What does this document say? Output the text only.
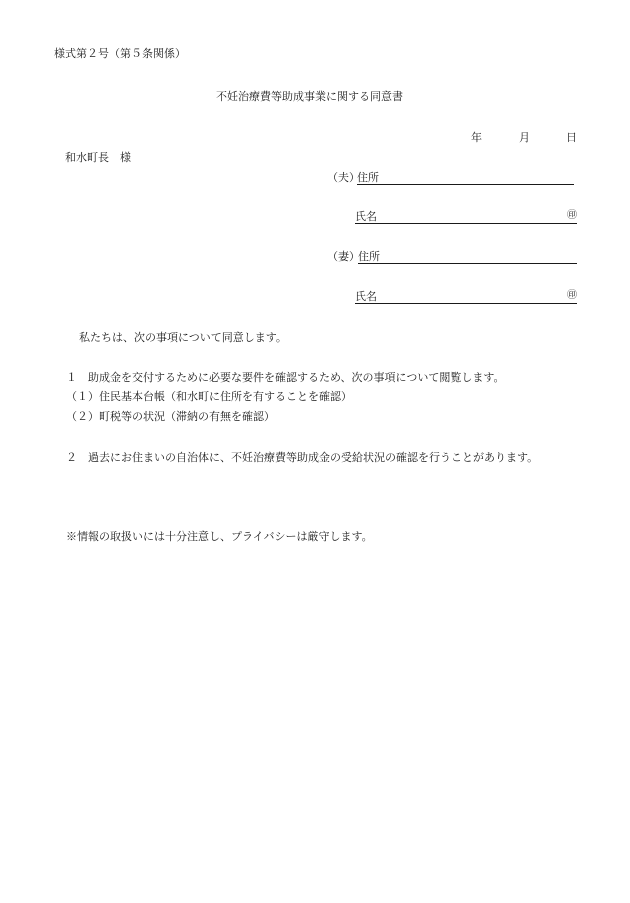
様式第２号（第５条関係）
不妊治療費等助成事業に関する同意書
年	月	日
和水町長　様
（夫）
住所
氏名	㊞
（妻）
住所
氏名	㊞
私たちは、次の事項について同意します。
１　助成金を交付するために必要な要件を確認するため、次の事項について閲覧します。
（１）住民基本台帳（和水町に住所を有することを確認）
（２）町税等の状況（滞納の有無を確認）
２　過去にお住まいの自治体に、不妊治療費等助成金の受給状況の確認を行うことがあります。
※情報の取扱いには十分注意し、プライバシーは厳守します。
